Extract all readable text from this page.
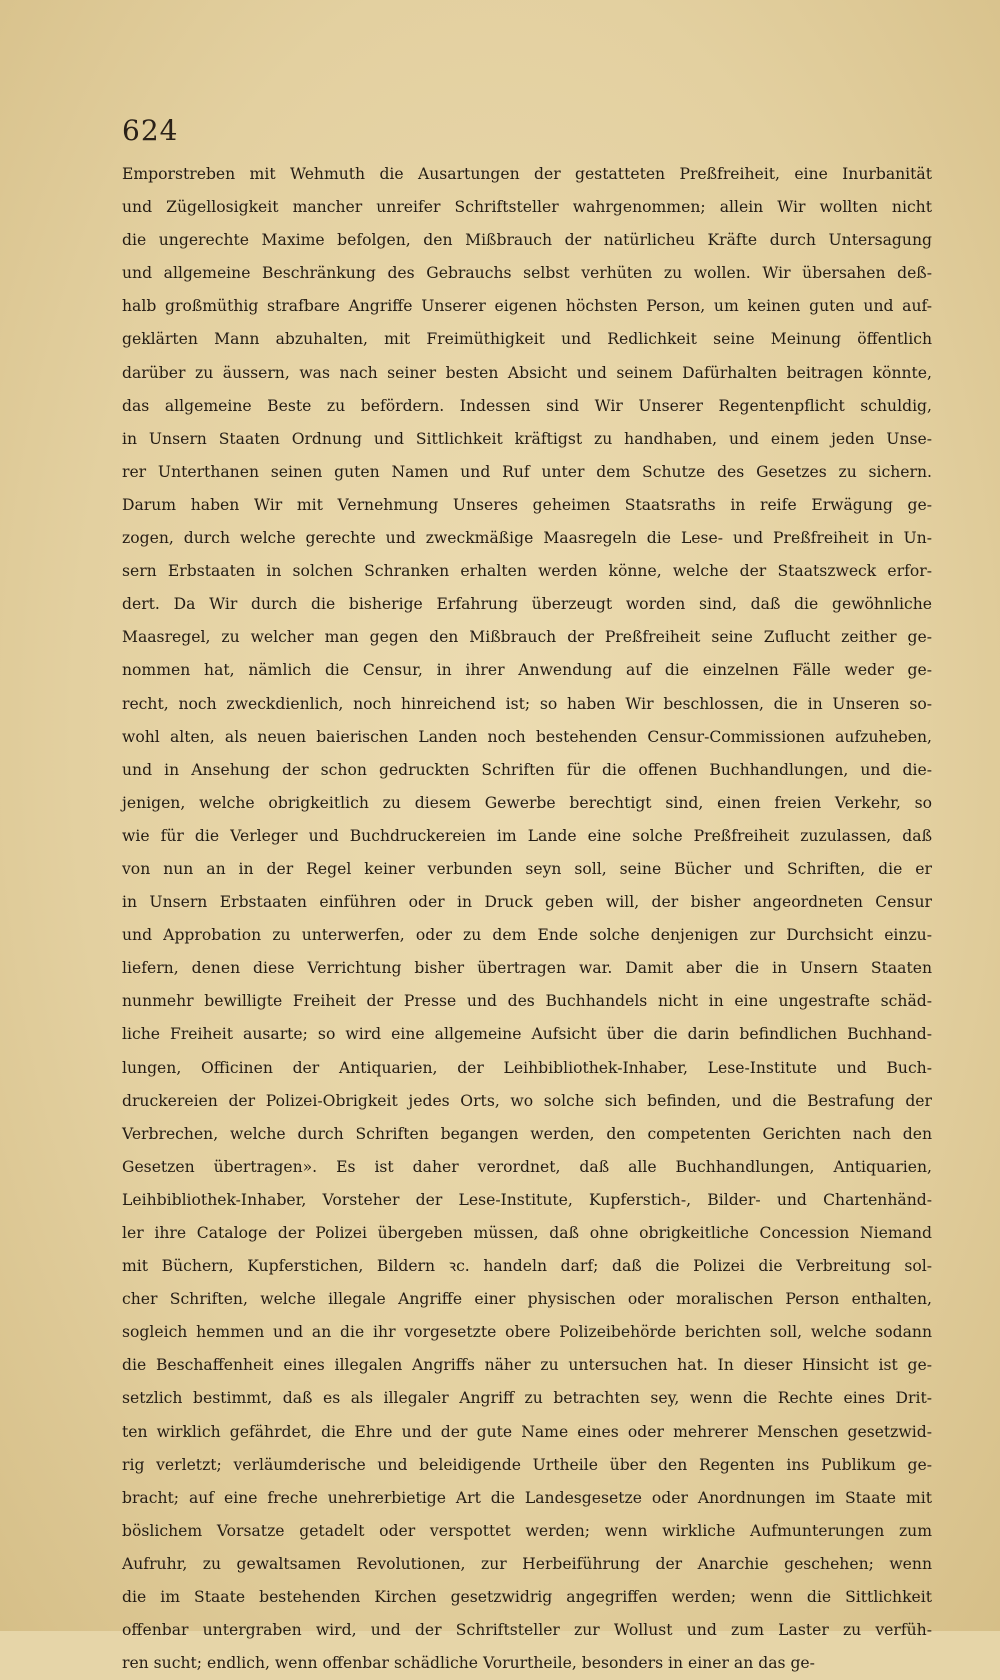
624
Emporstreben mit Wehmuth die Ausartungen der gestatteten Preßfreiheit, eine Inurbanität
und Zügellosigkeit mancher unreifer Schriftsteller wahrgenommen; allein Wir wollten nicht
die ungerechte Maxime befolgen, den Mißbrauch der natürlicheu Kräfte durch Untersagung
und allgemeine Beschränkung des Gebrauchs selbst verhüten zu wollen. Wir übersahen deß-
halb großmüthig strafbare Angriffe Unserer eigenen höchsten Person, um keinen guten und auf-
geklärten Mann abzuhalten, mit Freimüthigkeit und Redlichkeit seine Meinung öffentlich
darüber zu äussern, was nach seiner besten Absicht und seinem Dafürhalten beitragen könnte,
das allgemeine Beste zu befördern. Indessen sind Wir Unserer Regentenpflicht schuldig,
in Unsern Staaten Ordnung und Sittlichkeit kräftigst zu handhaben, und einem jeden Unse-
rer Unterthanen seinen guten Namen und Ruf unter dem Schutze des Gesetzes zu sichern.
Darum haben Wir mit Vernehmung Unseres geheimen Staatsraths in reife Erwägung ge-
zogen, durch welche gerechte und zweckmäßige Maasregeln die Lese- und Preßfreiheit in Un-
sern Erbstaaten in solchen Schranken erhalten werden könne, welche der Staatszweck erfor-
dert. Da Wir durch die bisherige Erfahrung überzeugt worden sind, daß die gewöhnliche
Maasregel, zu welcher man gegen den Mißbrauch der Preßfreiheit seine Zuflucht zeither ge-
nommen hat, nämlich die Censur, in ihrer Anwendung auf die einzelnen Fälle weder ge-
recht, noch zweckdienlich, noch hinreichend ist; so haben Wir beschlossen, die in Unseren so-
wohl alten, als neuen baierischen Landen noch bestehenden Censur-Commissionen aufzuheben,
und in Ansehung der schon gedruckten Schriften für die offenen Buchhandlungen, und die-
jenigen, welche obrigkeitlich zu diesem Gewerbe berechtigt sind, einen freien Verkehr, so
wie für die Verleger und Buchdruckereien im Lande eine solche Preßfreiheit zuzulassen, daß
von nun an in der Regel keiner verbunden seyn soll, seine Bücher und Schriften, die er
in Unsern Erbstaaten einführen oder in Druck geben will, der bisher angeordneten Censur
und Approbation zu unterwerfen, oder zu dem Ende solche denjenigen zur Durchsicht einzu-
liefern, denen diese Verrichtung bisher übertragen war. Damit aber die in Unsern Staaten
nunmehr bewilligte Freiheit der Presse und des Buchhandels nicht in eine ungestrafte schäd-
liche Freiheit ausarte; so wird eine allgemeine Aufsicht über die darin befindlichen Buchhand-
lungen, Officinen der Antiquarien, der Leihbibliothek-Inhaber, Lese-Institute und Buch-
druckereien der Polizei-Obrigkeit jedes Orts, wo solche sich befinden, und die Bestrafung der
Verbrechen, welche durch Schriften begangen werden, den competenten Gerichten nach den
Gesetzen übertragen». Es ist daher verordnet, daß alle Buchhandlungen, Antiquarien,
Leihbibliothek-Inhaber, Vorsteher der Lese-Institute, Kupferstich-, Bilder- und Chartenhänd-
ler ihre Cataloge der Polizei übergeben müssen, daß ohne obrigkeitliche Concession Niemand
mit Büchern, Kupferstichen, Bildern ꝛc. handeln darf; daß die Polizei die Verbreitung sol-
cher Schriften, welche illegale Angriffe einer physischen oder moralischen Person enthalten,
sogleich hemmen und an die ihr vorgesetzte obere Polizeibehörde berichten soll, welche sodann
die Beschaffenheit eines illegalen Angriffs näher zu untersuchen hat. In dieser Hinsicht ist ge-
setzlich bestimmt, daß es als illegaler Angriff zu betrachten sey, wenn die Rechte eines Drit-
ten wirklich gefährdet, die Ehre und der gute Name eines oder mehrerer Menschen gesetzwid-
rig verletzt; verläumderische und beleidigende Urtheile über den Regenten ins Publikum ge-
bracht; auf eine freche unehrerbietige Art die Landesgesetze oder Anordnungen im Staate mit
böslichem Vorsatze getadelt oder verspottet werden; wenn wirkliche Aufmunterungen zum
Aufruhr, zu gewaltsamen Revolutionen, zur Herbeiführung der Anarchie geschehen; wenn
die im Staate bestehenden Kirchen gesetzwidrig angegriffen werden; wenn die Sittlichkeit
offenbar untergraben wird, und der Schriftsteller zur Wollust und zum Laster zu verfüh-
ren sucht; endlich, wenn offenbar schädliche Vorurtheile, besonders in einer an das ge-
